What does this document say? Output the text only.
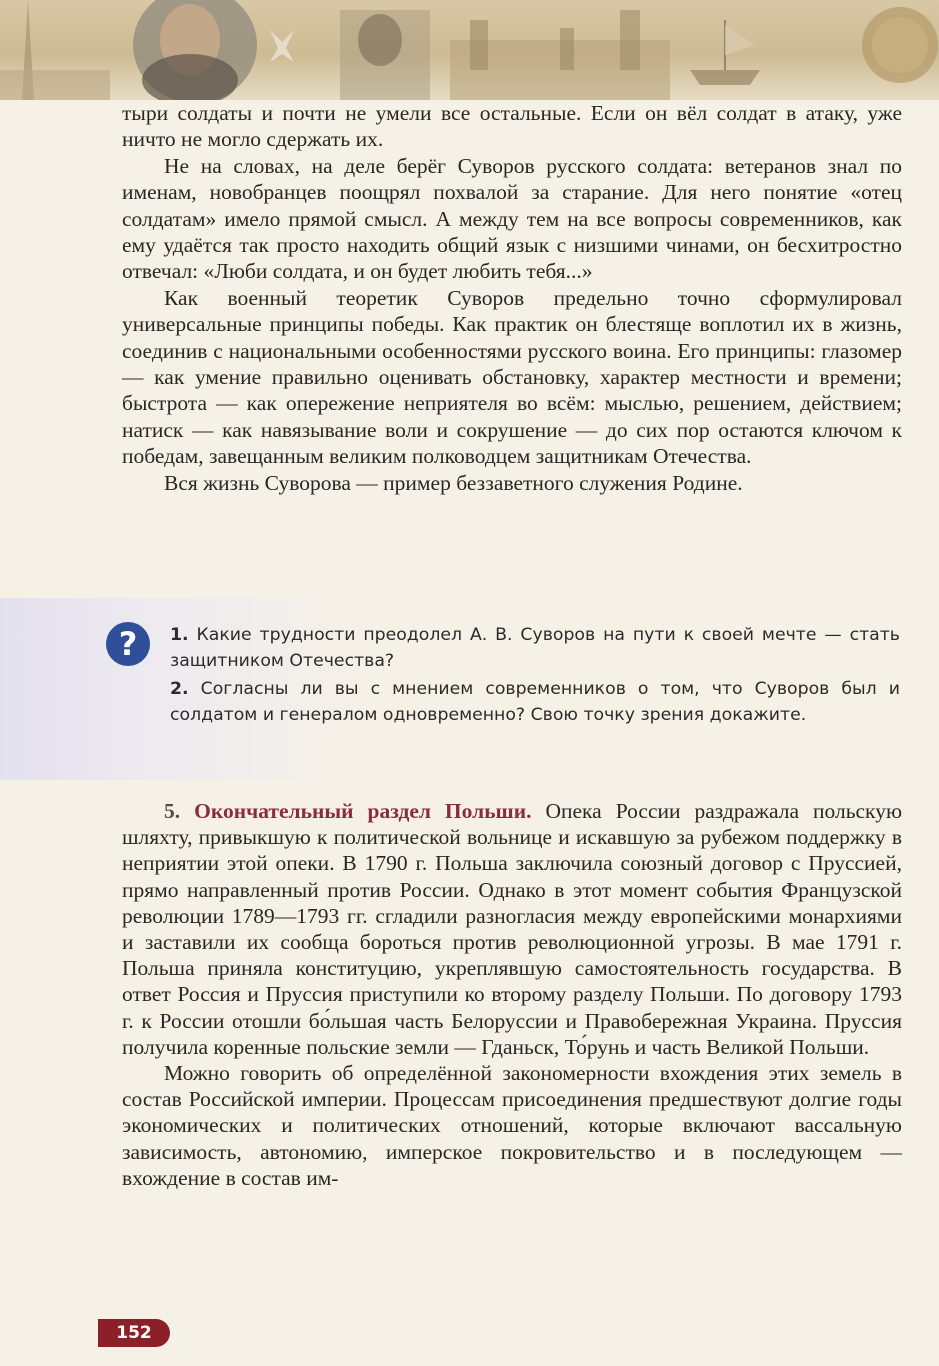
тыри солдаты и почти не умели все остальные. Если он вёл солдат в атаку, уже ничто не могло сдержать их.

Не на словах, на деле берёг Суворов русского солдата: ветеранов знал по именам, новобранцев поощрял похвалой за старание. Для него понятие «отец солдатам» имело прямой смысл. А между тем на все вопросы современников, как ему удаётся так просто находить общий язык с низшими чинами, он бесхитростно отвечал: «Люби солдата, и он будет любить тебя...»

Как военный теоретик Суворов предельно точно сформулировал универсальные принципы победы. Как практик он блестяще воплотил их в жизнь, соединив с национальными особенностями русского воина. Его принципы: глазомер — как умение правильно оценивать обстановку, характер местности и времени; быстрота — как опережение неприятеля во всём: мыслью, решением, действием; натиск — как навязывание воли и сокрушение — до сих пор остаются ключом к победам, завещанным великим полководцем защитникам Отечества.

Вся жизнь Суворова — пример беззаветного служения Родине.

?	1. Какие трудности преодолел А. В. Суворов на пути к своей мечте — стать защитником Отечества?

2. Согласны ли вы с мнением современников о том, что Суворов был и солдатом и генералом одновременно? Свою точку зрения докажите.

5. Окончательный раздел Польши. Опека России раздражала польскую шляхту, привыкшую к политической вольнице и искавшую за рубежом поддержку в неприятии этой опеки. В 1790 г. Польша заключила союзный договор с Пруссией, прямо направленный против России. Однако в этот момент события Французской революции 1789—1793 гг. сгладили разногласия между европейскими монархиями и заставили их сообща бороться против революционной угрозы. В мае 1791 г. Польша приняла конституцию, укреплявшую самостоятельность государства. В ответ Россия и Пруссия приступили ко второму разделу Польши. По договору 1793 г. к России отошли бо́льшая часть Белоруссии и Правобережная Украина. Пруссия получила коренные польские земли — Гданьск, То́рунь и часть Великой Польши.

Можно говорить об определённой закономерности вхождения этих земель в состав Российской империи. Процессам присоединения предшествуют долгие годы экономических и политических отношений, которые включают вассальную зависимость, автономию, имперское покровительство и в последующем — вхождение в состав им-

152
